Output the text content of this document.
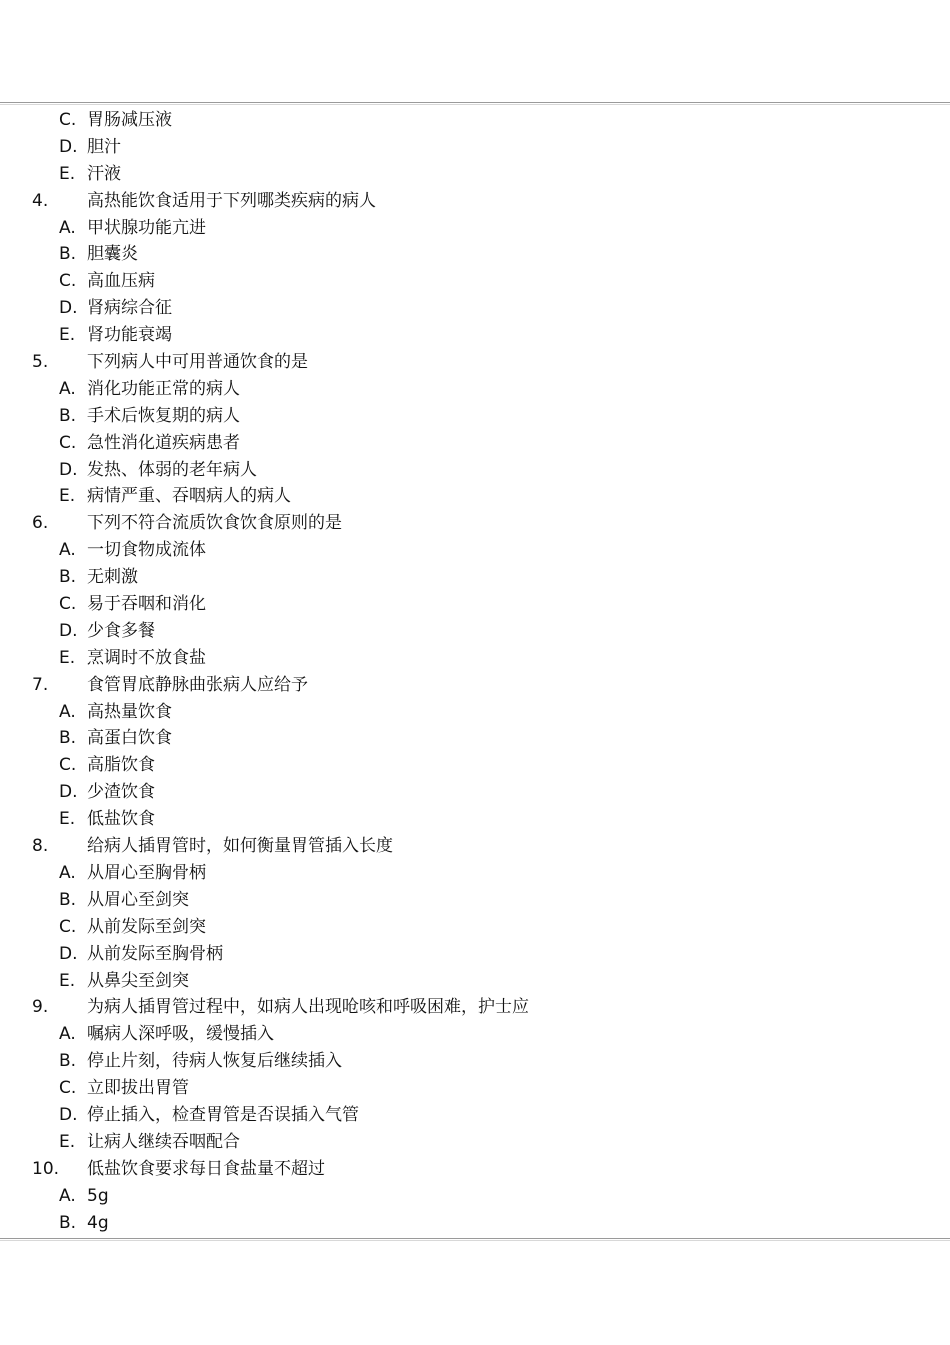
C. 胃肠减压液
D. 胆汁
E. 汗液
4. 高热能饮食适用于下列哪类疾病的病人
A. 甲状腺功能亢进
B. 胆囊炎
C. 高血压病
D. 肾病综合征
E. 肾功能衰竭
5. 下列病人中可用普通饮食的是
A. 消化功能正常的病人
B. 手术后恢复期的病人
C. 急性消化道疾病患者
D. 发热、体弱的老年病人
E. 病情严重、吞咽病人的病人
6. 下列不符合流质饮食饮食原则的是
A. 一切食物成流体
B. 无刺激
C. 易于吞咽和消化
D. 少食多餐
E. 烹调时不放食盐
7. 食管胃底静脉曲张病人应给予
A. 高热量饮食
B. 高蛋白饮食
C. 高脂饮食
D. 少渣饮食
E. 低盐饮食
8. 给病人插胃管时，如何衡量胃管插入长度
A. 从眉心至胸骨柄
B. 从眉心至剑突
C. 从前发际至剑突
D. 从前发际至胸骨柄
E. 从鼻尖至剑突
9. 为病人插胃管过程中，如病人出现呛咳和呼吸困难，护士应
A. 嘱病人深呼吸，缓慢插入
B. 停止片刻，待病人恢复后继续插入
C. 立即拔出胃管
D. 停止插入，检查胃管是否误插入气管
E. 让病人继续吞咽配合
10. 低盐饮食要求每日食盐量不超过
A. 5g
B. 4g
